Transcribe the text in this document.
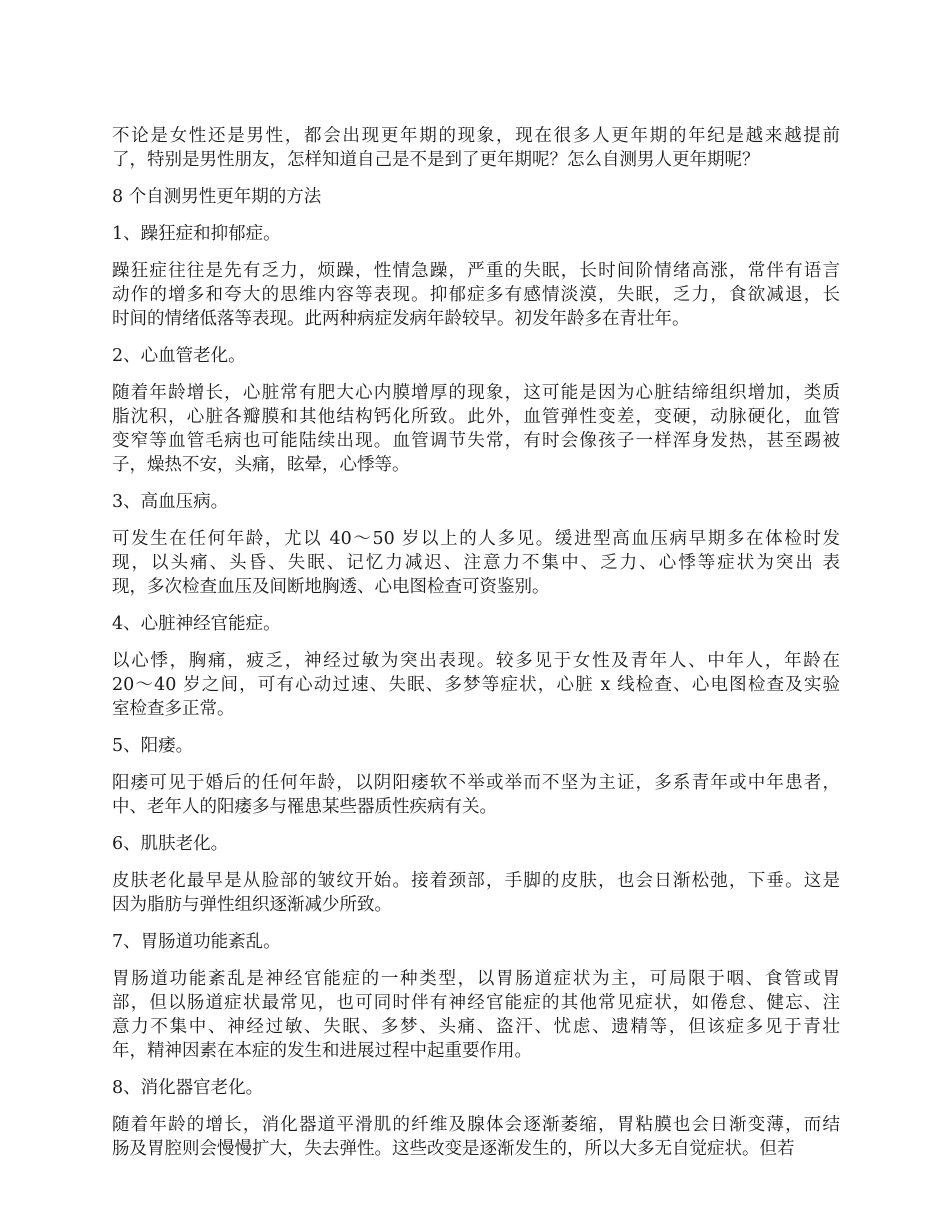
不论是女性还是男性，都会出现更年期的现象，现在很多人更年期的年纪是越来越提前
了，特别是男性朋友，怎样知道自己是不是到了更年期呢？怎么自测男人更年期呢？
8 个自测男性更年期的方法
1、躁狂症和抑郁症。
躁狂症往往是先有乏力，烦躁，性情急躁，严重的失眠，长时间阶情绪高涨，常伴有语言
动作的增多和夸大的思维内容等表现。抑郁症多有感情淡漠，失眠，乏力，食欲减退，长
时间的情绪低落等表现。此两种病症发病年龄较早。初发年龄多在青壮年。
2、心血管老化。
随着年龄增长，心脏常有肥大心内膜增厚的现象，这可能是因为心脏结缔组织增加，类质
脂沈积，心脏各瓣膜和其他结构钙化所致。此外，血管弹性变差，变硬，动脉硬化，血管
变窄等血管毛病也可能陆续出现。血管调节失常，有时会像孩子一样浑身发热，甚至踢被
子，燥热不安，头痛，眩晕，心悸等。
3、高血压病。
可发生在任何年龄，尤以 40～50 岁以上的人多见。缓进型高血压病早期多在体检时发
现，以头痛、头昏、失眠、记忆力减迟、注意力不集中、乏力、心悸等症状为突出 表
现，多次检查血压及间断地胸透、心电图检查可资鉴别。
4、心脏神经官能症。
以心悸，胸痛，疲乏，神经过敏为突出表现。较多见于女性及青年人、中年人，年龄在
20～40 岁之间，可有心动过速、失眠、多梦等症状，心脏 x 线检查、心电图检查及实验
室检查多正常。
5、阳痿。
阳痿可见于婚后的任何年龄，以阴阳痿软不举或举而不坚为主证，多系青年或中年患者，
中、老年人的阳痿多与罹患某些器质性疾病有关。
6、肌肤老化。
皮肤老化最早是从脸部的皱纹开始。接着颈部，手脚的皮肤，也会日渐松弛，下垂。这是
因为脂肪与弹性组织逐渐减少所致。
7、胃肠道功能紊乱。
胃肠道功能紊乱是神经官能症的一种类型，以胃肠道症状为主，可局限于咽、食管或胃
部，但以肠道症状最常见，也可同时伴有神经官能症的其他常见症状，如倦怠、健忘、注
意力不集中、神经过敏、失眠、多梦、头痛、盗汗、忧虑、遗精等，但该症多见于青壮
年，精神因素在本症的发生和进展过程中起重要作用。
8、消化器官老化。
随着年龄的增长，消化器道平滑肌的纤维及腺体会逐渐萎缩，胃粘膜也会日渐变薄，而结
肠及胃腔则会慢慢扩大，失去弹性。这些改变是逐渐发生的，所以大多无自觉症状。但若
